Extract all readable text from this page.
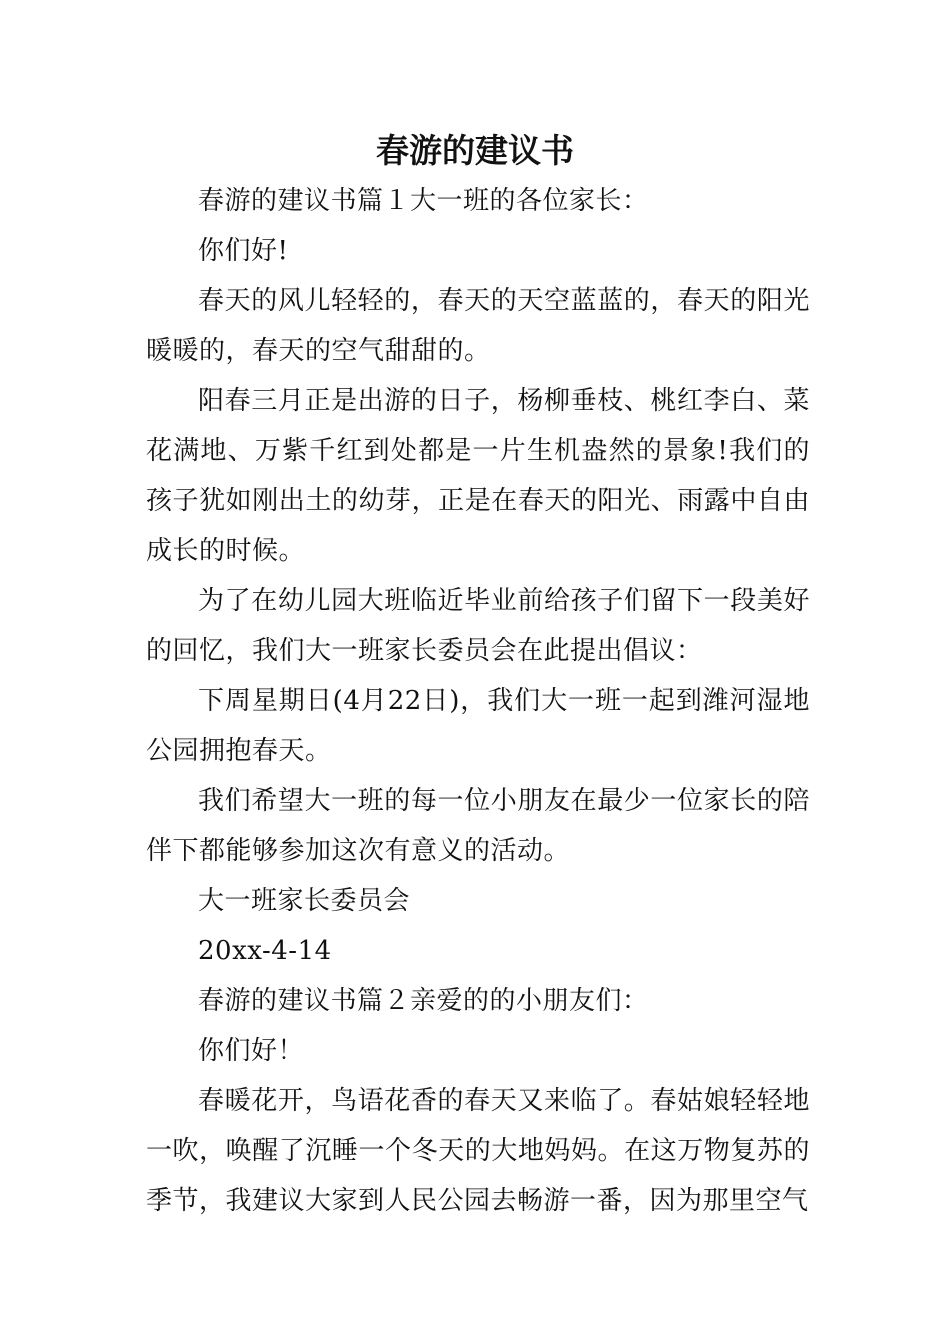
春游的建议书

春游的建议书篇１大一班的各位家长：

你们好!

春天的风儿轻轻的，春天的天空蓝蓝的，春天的阳光暖暖的，春天的空气甜甜的。

阳春三月正是出游的日子，杨柳垂枝、桃红李白、菜花满地、万紫千红到处都是一片生机盎然的景象!我们的孩子犹如刚出土的幼芽，正是在春天的阳光、雨露中自由成长的时候。

为了在幼儿园大班临近毕业前给孩子们留下一段美好的回忆，我们大一班家长委员会在此提出倡议：

下周星期日(4月22日)，我们大一班一起到潍河湿地公园拥抱春天。

我们希望大一班的每一位小朋友在最少一位家长的陪伴下都能够参加这次有意义的活动。

大一班家长委员会

20xx-4-14

春游的建议书篇２亲爱的的小朋友们：

你们好！

春暖花开，鸟语花香的春天又来临了。春姑娘轻轻地一吹，唤醒了沉睡一个冬天的大地妈妈。在这万物复苏的季节，我建议大家到人民公园去畅游一番，因为那里空气
